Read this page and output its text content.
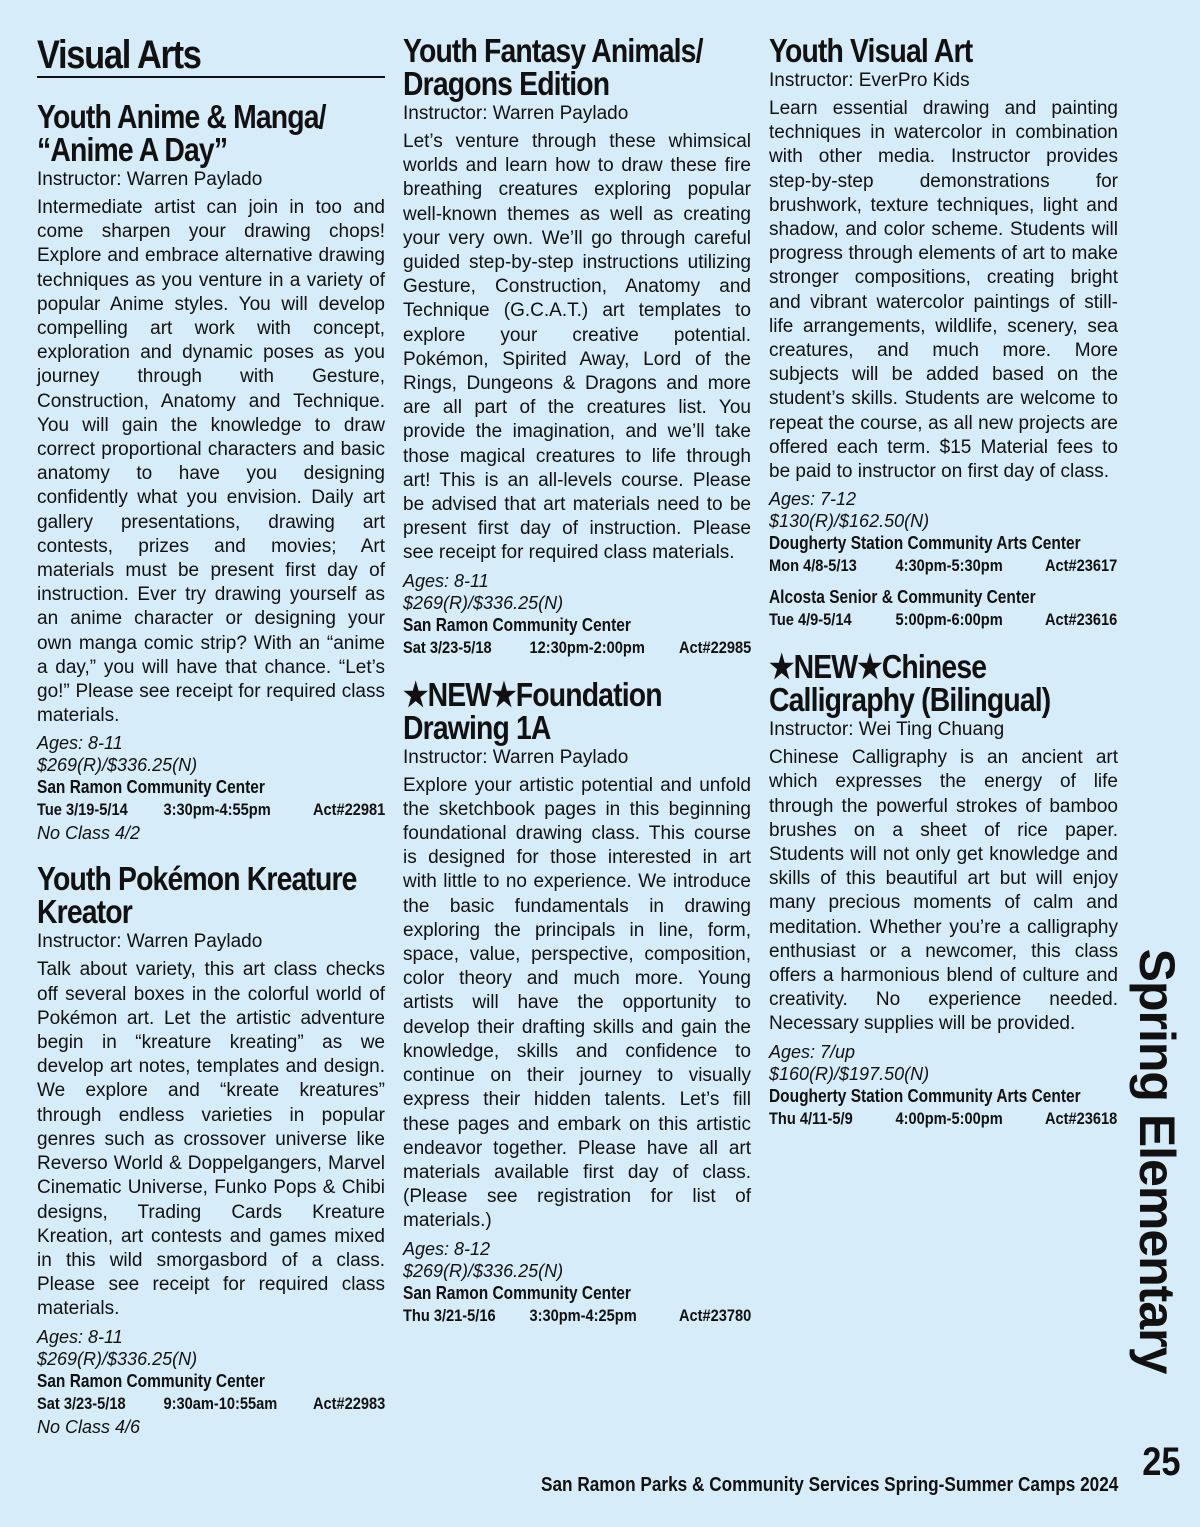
Visual Arts
Youth Anime & Manga/
“Anime A Day”
Instructor: Warren Paylado
Intermediate artist can join in too and come sharpen your drawing chops! Explore and embrace alternative drawing techniques as you venture in a variety of popular Anime styles. You will develop compelling art work with concept, exploration and dynamic poses as you journey through with Gesture, Construction, Anatomy and Technique. You will gain the knowledge to draw correct proportional characters and basic anatomy to have you designing confidently what you envision. Daily art gallery presentations, drawing art contests, prizes and movies; Art materials must be present first day of instruction. Ever try drawing yourself as an anime character or designing your own manga comic strip? With an “anime a day,” you will have that chance. “Let’s go!” Please see receipt for required class materials.
Ages: 8-11
$269(R)/$336.25(N)
San Ramon Community Center
Tue 3/19-5/14	3:30pm-4:55pm	Act#22981
No Class 4/2
Youth Pokémon Kreature
Kreator
Instructor: Warren Paylado
Talk about variety, this art class checks off several boxes in the colorful world of Pokémon art. Let the artistic adventure begin in “kreature kreating” as we develop art notes, templates and design. We explore and “kreate kreatures” through endless varieties in popular genres such as crossover universe like Reverso World & Doppelgangers, Marvel Cinematic Universe, Funko Pops & Chibi designs, Trading Cards Kreature Kreation, art contests and games mixed in this wild smorgasbord of a class. Please see receipt for required class materials.
Ages: 8-11
$269(R)/$336.25(N)
San Ramon Community Center
Sat 3/23-5/18	9:30am-10:55am	Act#22983
No Class 4/6
Youth Fantasy Animals/
Dragons Edition
Instructor: Warren Paylado
Let’s venture through these whimsical worlds and learn how to draw these fire breathing creatures exploring popular well-known themes as well as creating your very own. We’ll go through careful guided step-by-step instructions utilizing Gesture, Construction, Anatomy and Technique (G.C.A.T.) art templates to explore your creative potential. Pokémon, Spirited Away, Lord of the Rings, Dungeons & Dragons and more are all part of the creatures list. You provide the imagination, and we’ll take those magical creatures to life through art! This is an all-levels course. Please be advised that art materials need to be present first day of instruction. Please see receipt for required class materials.
Ages: 8-11
$269(R)/$336.25(N)
San Ramon Community Center
Sat 3/23-5/18	12:30pm-2:00pm	Act#22985
★NEW★Foundation
Drawing 1A
Instructor: Warren Paylado
Explore your artistic potential and unfold the sketchbook pages in this beginning foundational drawing class. This course is designed for those interested in art with little to no experience. We introduce the basic fundamentals in drawing exploring the principals in line, form, space, value, perspective, composition, color theory and much more. Young artists will have the opportunity to develop their drafting skills and gain the knowledge, skills and confidence to continue on their journey to visually express their hidden talents. Let’s fill these pages and embark on this artistic endeavor together. Please have all art materials available first day of class. (Please see registration for list of materials.)
Ages: 8-12
$269(R)/$336.25(N)
San Ramon Community Center
Thu 3/21-5/16	3:30pm-4:25pm	Act#23780
Youth Visual Art
Instructor: EverPro Kids
Learn essential drawing and painting techniques in watercolor in combination with other media. Instructor provides step-by-step demonstrations for brushwork, texture techniques, light and shadow, and color scheme. Students will progress through elements of art to make stronger compositions, creating bright and vibrant watercolor paintings of still-life arrangements, wildlife, scenery, sea creatures, and much more. More subjects will be added based on the student’s skills. Students are welcome to repeat the course, as all new projects are offered each term. $15 Material fees to be paid to instructor on first day of class.
Ages: 7-12
$130(R)/$162.50(N)
Dougherty Station Community Arts Center
Mon 4/8-5/13	4:30pm-5:30pm	Act#23617
Alcosta Senior & Community Center
Tue 4/9-5/14	5:00pm-6:00pm	Act#23616
★NEW★Chinese
Calligraphy (Bilingual)
Instructor: Wei Ting Chuang
Chinese Calligraphy is an ancient art which expresses the energy of life through the powerful strokes of bamboo brushes on a sheet of rice paper. Students will not only get knowledge and skills of this beautiful art but will enjoy many precious moments of calm and meditation. Whether you’re a calligraphy enthusiast or a newcomer, this class offers a harmonious blend of culture and creativity. No experience needed. Necessary supplies will be provided.
Ages: 7/up
$160(R)/$197.50(N)
Dougherty Station Community Arts Center
Thu 4/11-5/9	4:00pm-5:00pm	Act#23618 Spring Elementary
San Ramon Parks & Community Services Spring-Summer Camps 2024
25
